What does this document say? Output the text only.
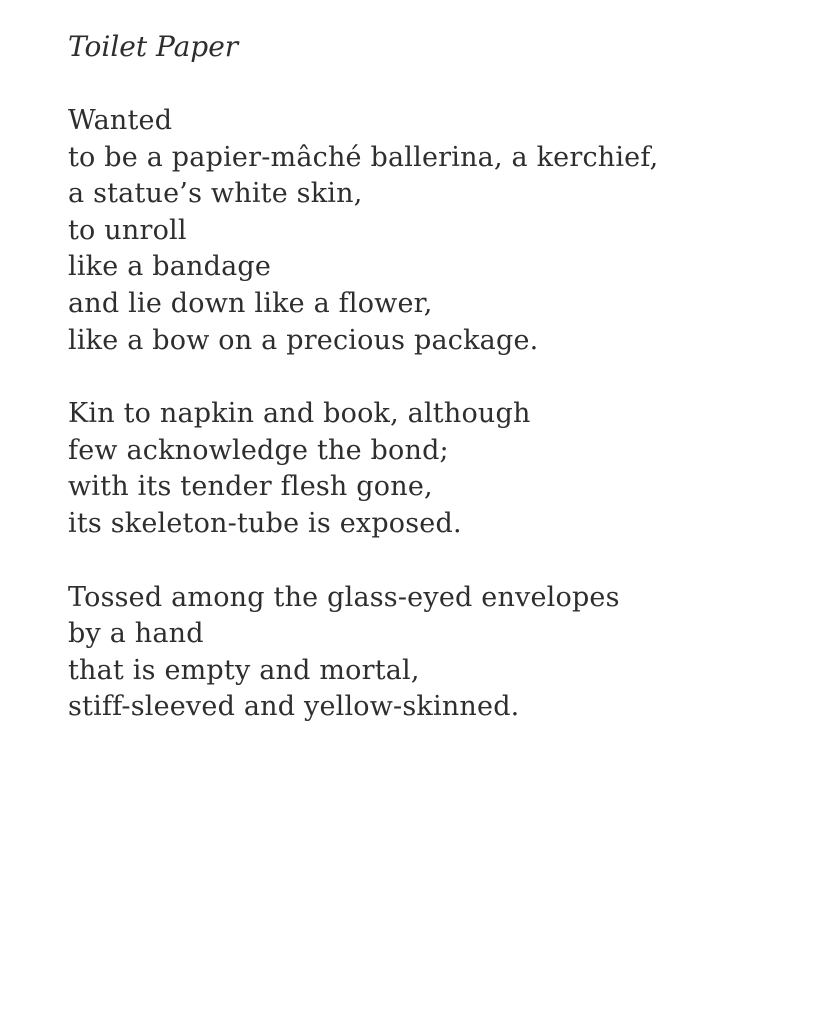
Toilet Paper
Wanted
to be a papier-mâché ballerina, a kerchief,
a statue’s white skin,
to unroll
like a bandage
and lie down like a flower,
like a bow on a precious package.
Kin to napkin and book, although
few acknowledge the bond;
with its tender flesh gone,
its skeleton-tube is exposed.
Tossed among the glass-eyed envelopes
by a hand
that is empty and mortal,
stiff-sleeved and yellow-skinned.
